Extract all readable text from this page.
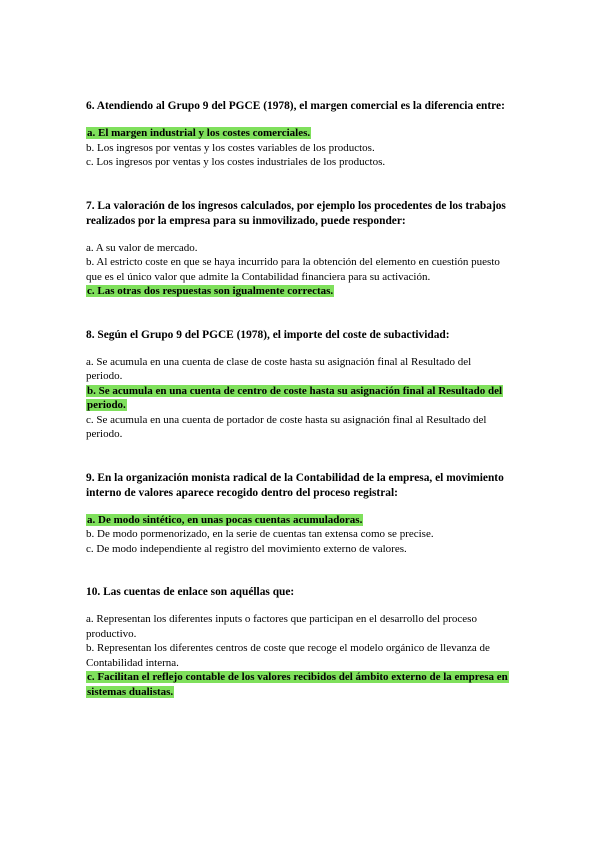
6. Atendiendo al Grupo 9 del PGCE (1978), el margen comercial es la diferencia entre:

a. El margen industrial y los costes comerciales.

b. Los ingresos por ventas y los costes variables de los productos.

c. Los ingresos por ventas y los costes industriales de los productos.

7. La valoración de los ingresos calculados, por ejemplo los procedentes de los trabajos realizados por la empresa para su inmovilizado, puede responder:

a. A su valor de mercado.

b. Al estricto coste en que se haya incurrido para la obtención del elemento en cuestión puesto que es el único valor que admite la Contabilidad financiera para su activación.

c. Las otras dos respuestas son igualmente correctas.

8. Según el Grupo 9 del PGCE (1978), el importe del coste de subactividad:

a. Se acumula en una cuenta de clase de coste hasta su asignación final al Resultado del periodo.

b. Se acumula en una cuenta de centro de coste hasta su asignación final al Resultado del periodo.

c. Se acumula en una cuenta de portador de coste hasta su asignación final al Resultado del periodo.

9. En la organización monista radical de la Contabilidad de la empresa, el movimiento interno de valores aparece recogido dentro del proceso registral:

a. De modo sintético, en unas pocas cuentas acumuladoras.

b. De modo pormenorizado, en la serie de cuentas tan extensa como se precise.

c. De modo independiente al registro del movimiento externo de valores.

10. Las cuentas de enlace son aquéllas que:

a. Representan los diferentes inputs o factores que participan en el desarrollo del proceso productivo.

b. Representan los diferentes centros de coste que recoge el modelo orgánico de llevanza de Contabilidad interna.

c. Facilitan el reflejo contable de los valores recibidos del ámbito externo de la empresa en sistemas dualistas.
